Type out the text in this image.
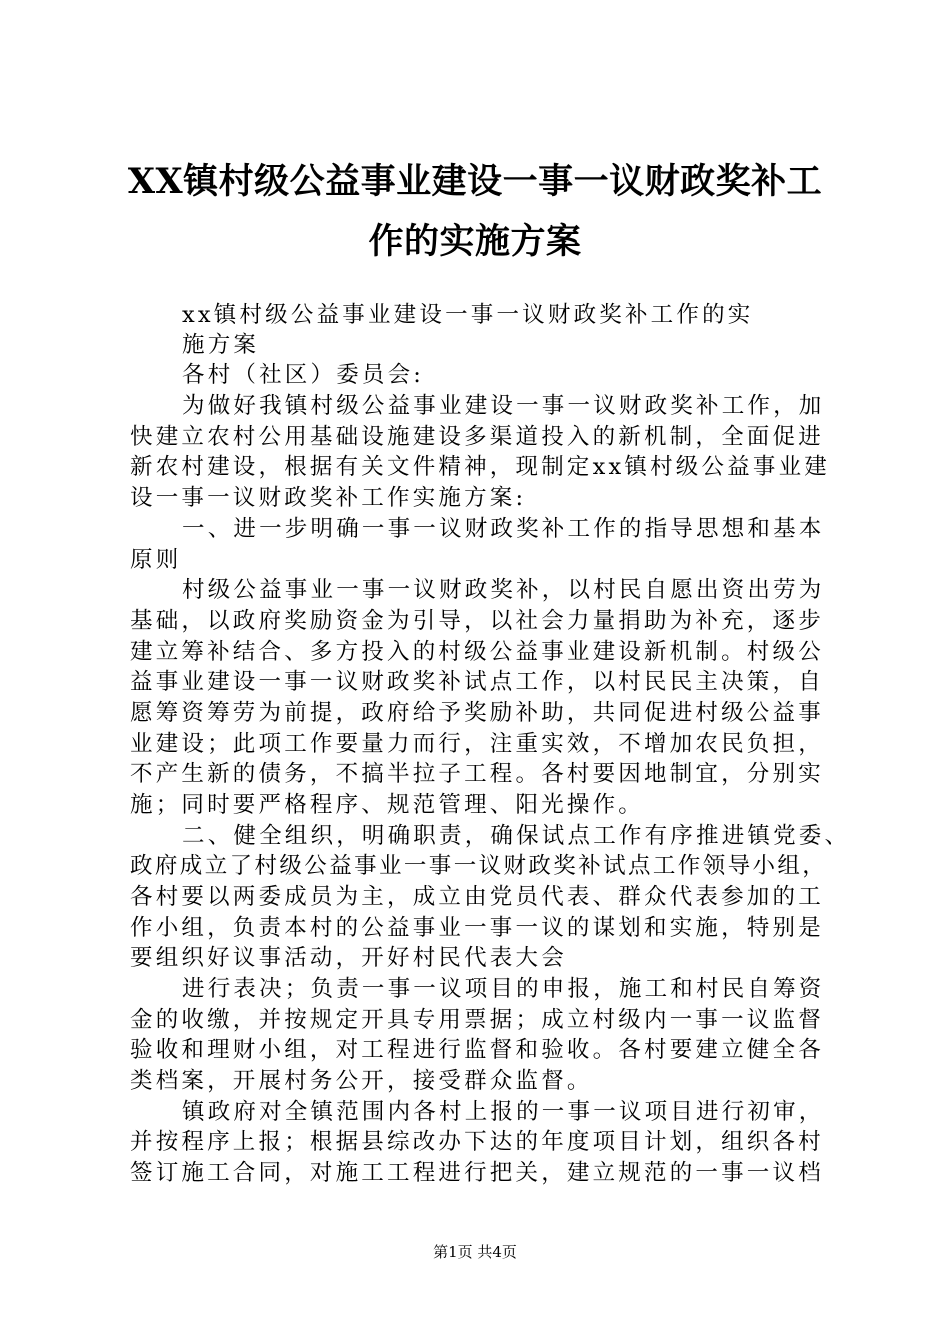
XX镇村级公益事业建设一事一议财政奖补工
作的实施方案
xx镇村级公益事业建设一事一议财政奖补工作的实
施方案
各村（社区）委员会:
为做好我镇村级公益事业建设一事一议财政奖补工作，加
快建立农村公用基础设施建设多渠道投入的新机制，全面促进
新农村建设，根据有关文件精神，现制定xx镇村级公益事业建
设一事一议财政奖补工作实施方案:
一、进一步明确一事一议财政奖补工作的指导思想和基本
原则
村级公益事业一事一议财政奖补，以村民自愿出资出劳为
基础，以政府奖励资金为引导，以社会力量捐助为补充，逐步
建立筹补结合、多方投入的村级公益事业建设新机制。村级公
益事业建设一事一议财政奖补试点工作，以村民民主决策，自
愿筹资筹劳为前提，政府给予奖励补助，共同促进村级公益事
业建设；此项工作要量力而行，注重实效，不增加农民负担，
不产生新的债务，不搞半拉子工程。各村要因地制宜，分别实
施；同时要严格程序、规范管理、阳光操作。
二、健全组织，明确职责，确保试点工作有序推进镇党委、
政府成立了村级公益事业一事一议财政奖补试点工作领导小组，
各村要以两委成员为主，成立由党员代表、群众代表参加的工
作小组，负责本村的公益事业一事一议的谋划和实施，特别是
要组织好议事活动，开好村民代表大会
进行表决；负责一事一议项目的申报，施工和村民自筹资
金的收缴，并按规定开具专用票据；成立村级内一事一议监督
验收和理财小组，对工程进行监督和验收。各村要建立健全各
类档案，开展村务公开，接受群众监督。
镇政府对全镇范围内各村上报的一事一议项目进行初审，
并按程序上报；根据县综改办下达的年度项目计划，组织各村
签订施工合同，对施工工程进行把关，建立规范的一事一议档
第1页 共4页
